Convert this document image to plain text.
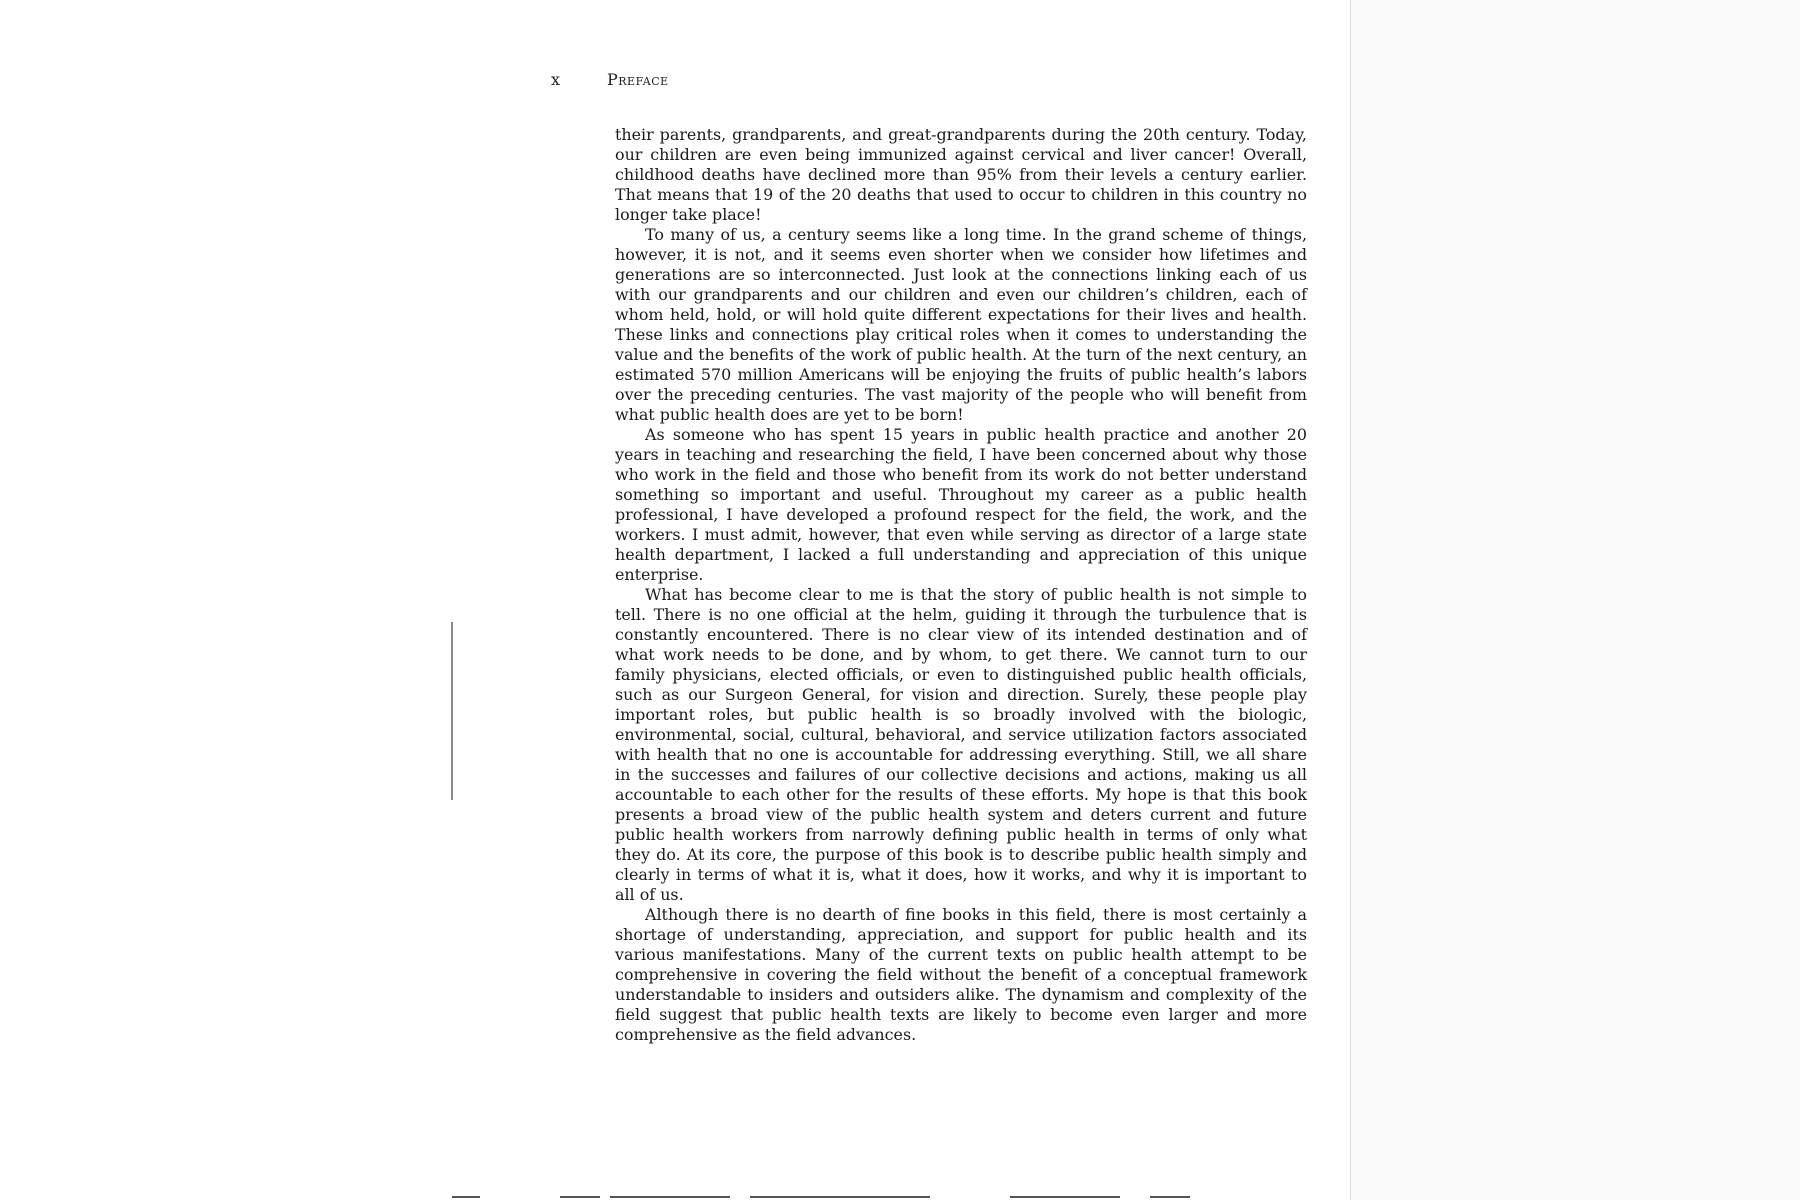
x	Preface

their parents, grandparents, and great-grandparents during the 20th century. Today, our children are even being immunized against cervical and liver cancer! Overall, childhood deaths have declined more than 95% from their levels a century earlier. That means that 19 of the 20 deaths that used to occur to children in this country no longer take place!

To many of us, a century seems like a long time. In the grand scheme of things, however, it is not, and it seems even shorter when we consider how lifetimes and generations are so interconnected. Just look at the connections linking each of us with our grandparents and our children and even our children’s children, each of whom held, hold, or will hold quite different expectations for their lives and health. These links and connections play critical roles when it comes to understanding the value and the benefits of the work of public health. At the turn of the next century, an estimated 570 million Americans will be enjoying the fruits of public health’s labors over the preceding centuries. The vast majority of the people who will benefit from what public health does are yet to be born!

As someone who has spent 15 years in public health practice and another 20 years in teaching and researching the field, I have been concerned about why those who work in the field and those who benefit from its work do not better understand something so important and useful. Throughout my career as a public health professional, I have developed a profound respect for the field, the work, and the workers. I must admit, however, that even while serving as director of a large state health department, I lacked a full understanding and appreciation of this unique enterprise.

What has become clear to me is that the story of public health is not simple to tell. There is no one official at the helm, guiding it through the turbulence that is constantly encountered. There is no clear view of its intended destination and of what work needs to be done, and by whom, to get there. We cannot turn to our family physicians, elected officials, or even to distinguished public health officials, such as our Surgeon General, for vision and direction. Surely, these people play important roles, but public health is so broadly involved with the biologic, environmental, social, cultural, behavioral, and service utilization factors associated with health that no one is accountable for addressing everything. Still, we all share in the successes and failures of our collective decisions and actions, making us all accountable to each other for the results of these efforts. My hope is that this book presents a broad view of the public health system and deters current and future public health workers from narrowly defining public health in terms of only what they do. At its core, the purpose of this book is to describe public health simply and clearly in terms of what it is, what it does, how it works, and why it is important to all of us.

Although there is no dearth of fine books in this field, there is most certainly a shortage of understanding, appreciation, and support for public health and its various manifestations. Many of the current texts on public health attempt to be comprehensive in covering the field without the benefit of a conceptual framework understandable to insiders and outsiders alike. The dynamism and complexity of the field suggest that public health texts are likely to become even larger and more comprehensive as the field advances.
